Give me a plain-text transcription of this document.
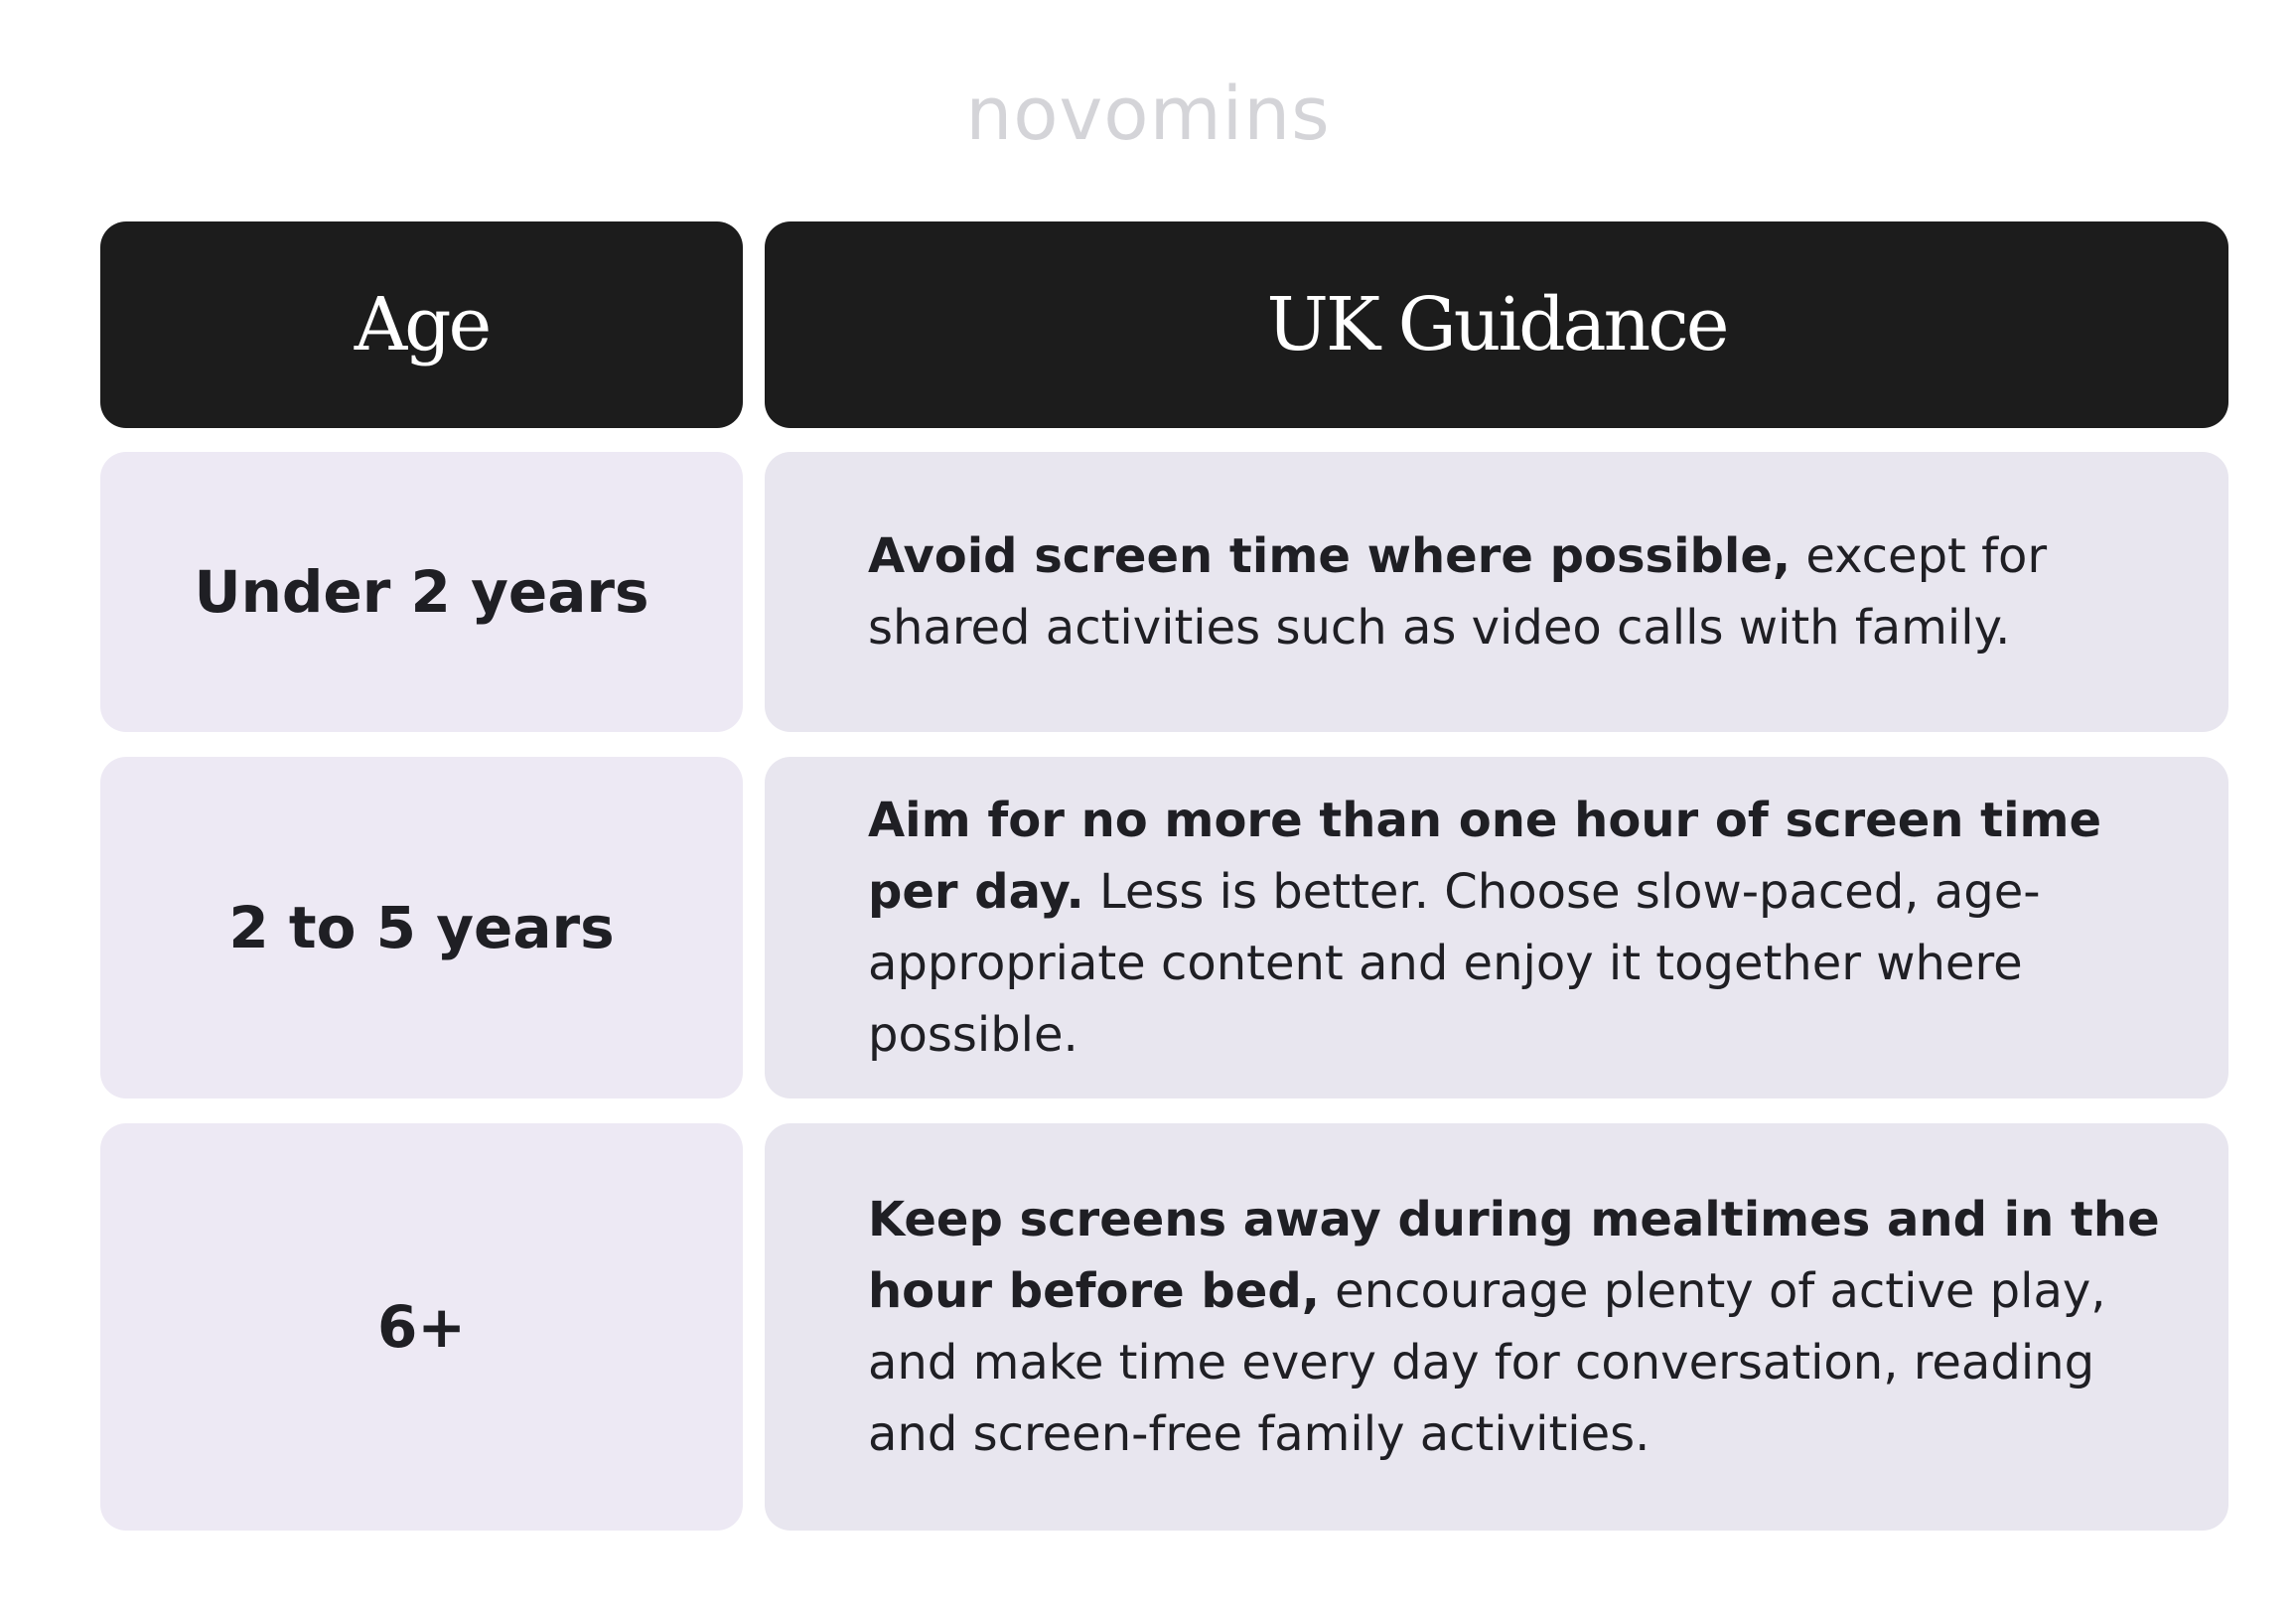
novomins
Age	UK Guidance
Under 2 years

Avoid screen time where possible, except for shared activities such as video calls with family.

2 to 5 years

Aim for no more than one hour of screen time per day. Less is better. Choose slow-paced, age-appropriate content and enjoy it together where possible.

6+

Keep screens away during mealtimes and in the hour before bed, encourage plenty of active play, and make time every day for conversation, reading and screen-free family activities.
